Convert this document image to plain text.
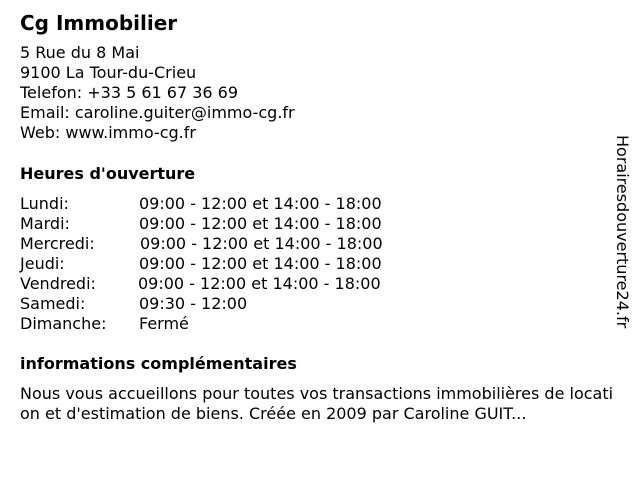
Cg Immobilier
5 Rue du 8 Mai
9100 La Tour-du-Crieu
Telefon: +33 5 61 67 36 69
Email: caroline.guiter@immo-cg.fr
Web: www.immo-cg.fr
Heures d'ouverture
Lundi:	09:00 - 12:00 et 14:00 - 18:00
Mardi:	09:00 - 12:00 et 14:00 - 18:00
Mercredi:	09:00 - 12:00 et 14:00 - 18:00
Jeudi:	09:00 - 12:00 et 14:00 - 18:00
Vendredi:	09:00 - 12:00 et 14:00 - 18:00
Samedi:	09:30 - 12:00
Dimanche: Fermé
informations complémentaires

Nous vous accueillons pour toutes vos transactions immobilières de location et d'estimation de biens. Créée en 2009 par Caroline GUIT...

Horairesdouverture24.fr
